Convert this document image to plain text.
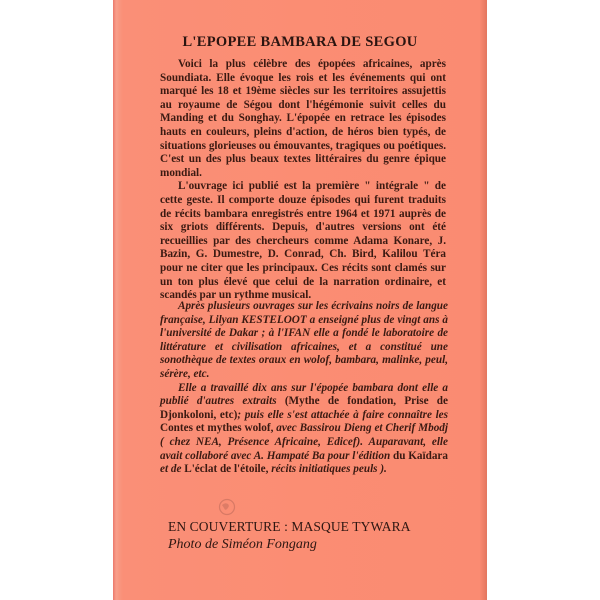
L'EPOPEE BAMBARA DE SEGOU

Voici la plus célèbre des épopées africaines, après Soundiata. Elle évoque les rois et les événements qui ont marqué les 18 et 19ème siècles sur les territoires assujettis au royaume de Ségou dont l'hégémonie suivit celles du Manding et du Songhay. L'épopée en retrace les épisodes hauts en couleurs, pleins d'action, de héros bien typés, de situations glorieuses ou émouvantes, tragiques ou poétiques. C'est un des plus beaux textes littéraires du genre épique mondial.

L'ouvrage ici publié est la première " intégrale " de cette geste. Il comporte douze épisodes qui furent traduits de récits bambara enregistrés entre 1964 et 1971 auprès de six griots différents. Depuis, d'autres versions ont été recueillies par des chercheurs comme Adama Konare, J. Bazin, G. Dumestre, D. Conrad, Ch. Bird, Kalilou Téra pour ne citer que les principaux. Ces récits sont clamés sur un ton plus élevé que celui de la narration ordinaire, et scandés par un rythme musical.

Après plusieurs ouvrages sur les écrivains noirs de langue française, Lilyan KESTELOOT a enseigné plus de vingt ans à l'université de Dakar ; à l'IFAN elle a fondé le laboratoire de littérature et civilisation africaines, et a constitué une sonothèque de textes oraux en wolof, bambara, malinke, peul, sérère, etc.

Elle a travaillé dix ans sur l'épopée bambara dont elle a publié d'autres extraits (Mythe de fondation, Prise de Djonkoloni, etc); puis elle s'est attachée à faire connaître les Contes et mythes wolof, avec Bassirou Dieng et Cherif Mbodj ( chez NEA, Présence Africaine, Edicef). Auparavant, elle avait collaboré avec A. Hampaté Ba pour l'édition du Kaïdara et de L'éclat de l'étoile, récits initiatiques peuls ).

EN COUVERTURE : MASQUE TYWARA
Photo de Siméon Fongang
